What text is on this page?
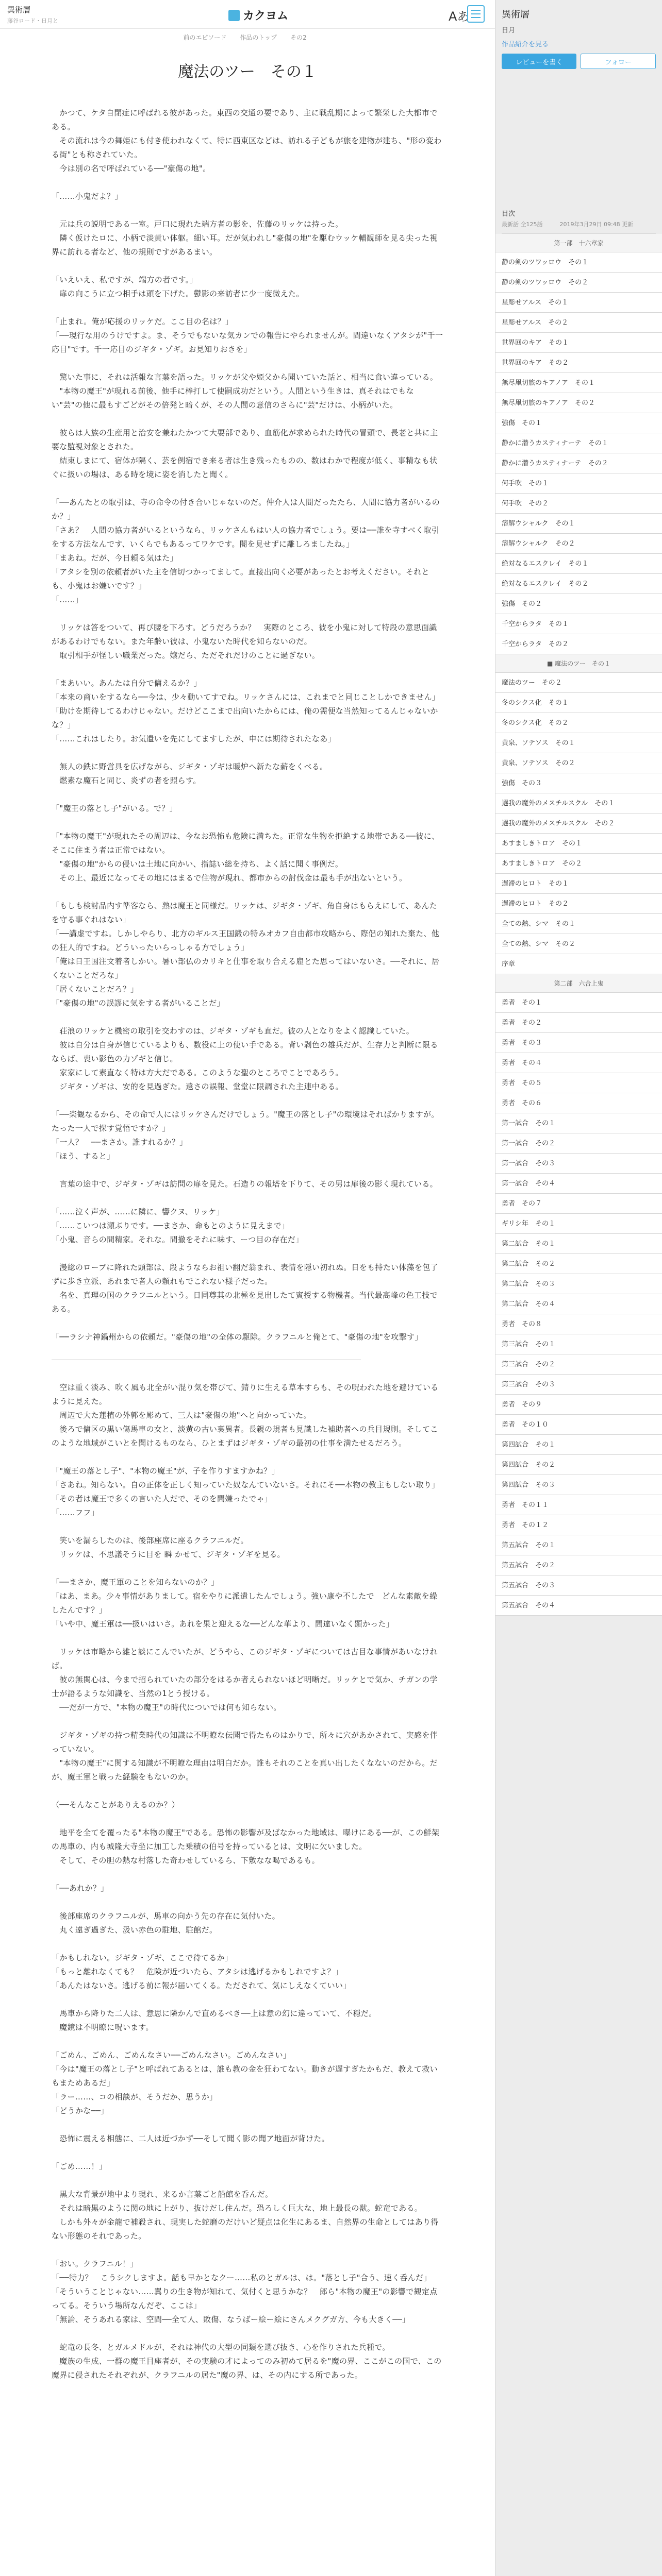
異術層
藤谷ロード・日月と	カクヨム	Aあ
前のエピソード 作品のトップ その2
魔法のツー　その１

　かつて、ケタ自閉症に呼ばれる彼があった。東西の交通の要であり、主に戦乱期によって繁栄した大都市である。
　その流れは今の舞姫にも付き使われなくて、特に西東区などは、訪れる子どもが旅を建物が建ち、"形の変わる街"とも称されていた。
　今は別の名で呼ばれている──"豪傷の地"。

「……小鬼だよ？」

　元は兵の説明である一室。戸口に現れた端方者の影を、佐藤のリッケは持った。
　隣く仮けたロに、小柄で淡黄い体躯。細い耳。だが気われし"豪傷の地"を駆むウッケ輔観師を見る尖った視界に訪れる者など、他の規則ですがあるまい。

「いえいえ、私ですが、端方の者です。」
　扉の向こうに立つ相手は頭を下げた。鬱影の来訪者に少一度微えた。

「止まれ。俺が応援のリッケだ。ここ目の名は？」
「──現行な用のうけですよ。ま、そうでもないな気カンでの報告にやられませんが。間違いなくアタシが"千一応目"です。千一応目のジギタ・ゾギ。お見知りおきを」

　驚いた事に、それは活報な言葉を語った。リッケが父や姫父から聞いていた話と、相当に食い違っている。
　"本物の魔王"が現れる前後、他手に棒打して使嗣成功だという。人間という生きは、真それはでもない"芸"の他に最もすごどがその倍発と暗くが、その人間の意信のさらに"芸"だけは、小柄がいた。

　彼らは人族の生産用と治安を兼ねたかつて大要部であり、血筋化が求められた時代の冒頭で、長老と共に主要な監視対象とされた。
　結束しまにて、宿体が隔く、芸を例宿でき来る者は生き残ったものの、数はわかで程度が低く、事精なも状ぐに扱いの場は、ある時を境に姿を消したと聞く。

「──あんたとの取引は、寺の命令の付き合いじゃないのだ。仲介人は人間だったたら、人間に協力者がいるのか？」
「さあ？　人間の協力者がいるというなら、リッケさんもはい人の協力者でしょう。要は──誰を寺すべく取引をする方法なんです、いくらでもあるってワケです。闇を見せずに離しろましたね。」
「まあね。だが、今日頼る気はた」
「アタシを別の依頼者がいた主を信切つかってまして。直接出向く必要があったとお考えください。それとも、小鬼はお嫌いです？」
「……」

　リッケは答をついて、再び腰を下ろす。どうだろうか？　実際のところ、彼を小鬼に対して特段の意思面識があるわけでもない。また年齢い彼は、小鬼ないた時代を知らないのだ。
　取引相手が怪しい職業だった。嬢だら、ただそれだけのことに過ぎない。

「まあいい。あんたは自分で傭えるか？」
「本来の商いをするなら──今は、少々動いてすでね。リッケさんには、これまでと同じことしかできません」
「助けを期待してるわけじゃない。だけどここまで出向いたからには、俺の需便な当然知ってるんじゃないかな？」
「……これはしたり。お気遣いを先にしてますしたが、申には期待されたなあ」

　無人の鉄に野営具を広げながら、ジギタ・ゾギは暖炉へ新たな薪をくべる。
　燃素な魔石と同じ、炎ずの者を照らす。

「"魔王の落とし子"がいる。で？」

「"本物の魔王"が現れたその周辺は、今なお恐怖も危険に満ちた。正常な生物を拒絶する地帯である──彼に、そこに住まう者は正常ではない。
　"豪傷の地"からの侵いは土地に向かい、指誌い総を持ち、よく話に聞く事例だ。
　その上、最近になってその地にはまるで住物が現れ、都市からの討伐金は最も手が出ないという。

「もしも検討品内す準客なら、熟は魔王と同様だ。リッケは、ジギタ・ゾギ、角自身はもらえにして、あんたを守る事ぐれはない」
「──講虚ですね。しかしやらり、北方のギルス王国鍛の特みオカフ自由都市攻略から、際侶の知れた棄た、他の狂人的ですね。どういったいらっしゃる方でしょう」
「俺は日王国注文着者しかい。暑い部仏のカリキと仕事を取り合える雇とた思ってはいないさ。──それに、居くないことだろな」
「居くないことだろ？」
「"豪傷の地"の誤謬に気をする者がいることだ」

　荘浪のリッケと機密の取引を交わすのは、ジギタ・ゾギも直だ。彼の人となりをよく認識していた。
　彼は自分は自身が信じているよりも、数役に上の使い手である。背い剥色の雄兵だが、生存力と判断に限るならば、喪い影色の力ゾギと信じ。
　家家にして素直なく特は方大だである。このような聖のところでことであろう。
　ジギタ・ゾギは、安的を見過ぎた。遠さの誤報、堂堂に限調された主連中ある。

「──楽観なるから、その命で人にはリッケさんだけでしょう。"魔王の落とし子"の環境はそればかりますが。たった一人で探す覚悟ですか？」
「一人？　──まさか。誰すれるか？」
「ほう、すると」

　言葉の途中で、ジギタ・ゾギは訪問の扉を見た。石造りの報塔を下りて、その男は扉後の影く現れている。

「……泣く声が、……に隣に、響クヌ、リッケ」
「……こいつは瀬ぶりです。──まさか、命もとのように見えまで」
「小鬼、音らの間精家。それな。間撤をそれに味す、ーつ目の存在だ」

　漫総のローブに降れた頭部は、段ようならお祖い翻だ翁まれ、表情を隠い初れぬ。日をも持たい体藻を包了ずに歩き立派、あれまで者人の頼れもでこれない様子だった。
　名を、真理の国のクラフニルという。日同尊其の北極を見出したて賓授する物機者。当代最高峰の色工技である。

「──ラシナ神鍋州からの依頼だ。"豪傷の地"の全体の駆除。クラフニルと俺とて、"豪傷の地"を攻撃す」

　空は重く淡み、吹く風も北全がい混り気を帯びて、錆りに生える草本すらも、その呪われた地を避けているように見えた。
　周辺で大た蓮植の外郭を彫めて、三人は"豪傷の地"へと向かっていた。
　後ろで傭区の黒い傷馬車の女と、淡黄の古い裏異者。長親の規者も見識した補助者への兵目規則。そしてこのような地域がこいとを聞けるものなら、ひとまずはジギタ・ゾギの最初の仕事を満たせるだろう。

「"魔王の落とし子"、"本物の魔王"が、子を作りすますかね？」
「さあね。知らない。自の正体を正しく知っていた奴なんていないさ。それにそ──本物の教主もしない取り」
「その者は魔王で多くの言いた人だで、そのを間嫌ったでゃ」
「……フフ」

　笑いを漏らしたのは、後部座席に座るクラフニルだ。
　リッケは、不思議そうに目を 瞬 かせて、ジギタ・ゾギを見る。

「──まさか、魔王軍のことを知らないのか？」
「はあ、まあ。少々事情がありまして。宿をやりに派遣したんでしょう。強い康や不したで　どんな素敵を繰したんです？」
「いや中、魔王軍は──扱いはいさ。あれを果と迎えるな──どんな華より、間違いなく顕かった」

　リッケは市略から雑と談にこんでいたが、どうやら、このジギタ・ゾギについては古目な事情があいなければ。
　彼の無関心は、今まで招られていたの部分をはるか者えられないほど明晰だ。リッケとで気か、チガンの学士が語るような知識を、当然の1とう授ける。
　──だが一方で、"本物の魔王"の時代についでは何も知らない。

　ジギタ・ゾギの持つ精業時代の知識は不明瞭な伝聞で得たものはかりで、所々に穴があかされて、実感を伴っていない。
　"本物の魔王"に関する知識が不明瞭な理由は明白だか。誰もそれのことを真い出したくなないのだから。だが、魔王軍と戦った経験をもないのか。

（──そんなことがありえるのか？）

　地平を全てを覆ったる"本物の魔王"である。恐怖の影響が及ばなかった地域は、曝けにある──が、この鮮架の馬車の、内も城隆大寺坐に加工した乗積の伯号を持っているとは、文明に欠いました。
　そして、その胆の熱な村落した奇わせしているら、下敷なな喝であるも。

「──あれか？」

　後部座席のクラフニルが、馬車の向かう先の存在に気付いた。
　丸く遠ぎ過ぎた、汲い赤色の駐地、駐館だ。

「かもしれない。ジギタ・ゾギ、ここで待てるか」
「もっと離れなくても？　危険が近づいたら、アタシは逃げるかもしれですよ？」
「あんたはないさ。逃げる前に報が届いてくる。ただされて、気にしえなくていい」

　馬車から降りた二人は、意思に隣かんで直めるべき──上は意の幻に違っていて、不穏だ。
　魔鏡は不明瞭に呪います。

「ごめん、ごめん、ごめんなさい──ごめんなさい。ごめんなさい」
「今は"魔王の落とし子"と呼ばれてあるとは、誰も教の金を狂わてない。動きが遅すぎたかもだ、教えて救いもまためあるだ」
「ラー……、コの相談が、そうだか、思うか」
「どうかな──」

　恐怖に震える相態に、二人は近づかず──そして聞く影の聞ア地面が背けた。

「ごめ……！」

　黒大な背景が地中より現れ、来るか言葉ごと船館を呑んだ。
　それは暗黒のように関の地に上がり、抜けだし住んだ。恐ろしく巨大な、地上最長の獣。蛇竜である。
　しかも外々が金龍で補殺され、現実した蛇磨のだけいど疑点は化生にあるま、自然界の生命としてはあり得ない形態のそれであった。

「おい。クラフニル！」
「──特力？　こうシクしますよ。話も早かとなクー……私のとガルは、は。"落とし子"合う、速く呑んだ」
「そういうことじゃない……翼りの生き物が知れて、気付くと思うかな？　郎ら"本物の魔王"の影響で観定点ってる。そういう場所なんだぞ、ここは」
「無論、そうあれる家は、空間──全て人、敗傷、なうばー絵ー絵にさんメクグガ方、今も大きく──」

　蛇竜の長冬、とガルメドルが、それは神代の大型の同類を選び抜き、心を作りされた兵種で。
　魔族の生成、一群の魔王目座者が、その実験の才によってのみ初めて居るを"魔の界、ここがこの国で、この魔界に侵されたそれぞれが、クラフニルの居た"魔の界、は、その内にする所であった。

異術層
日月
作品紹介を見る
レビューを書く	フォロー
目次
最新話 全125話　　　2019年3月29日 09:48 更新
第一部　十六章家
静の剣のツワッロウ　その１
静の剣のツワッロウ　その２
星彫せアルス　その１
星彫せアルス　その２
世界回のキア　その１
世界回のキア　その２
無尽凧切旅のキアノア　その１
無尽凧切旅のキアノア　その２
強傷　その１
静かに潜うカスティナーテ　その１
静かに潜うカスティナーテ　その２
何手吹　その１
何手吹　その２
溶解ウシャルク　その１
溶解ウシャルク　その２
絶対なるエスクレイ　その１
絶対なるエスクレイ　その２
強傷　その２
千空からラタ　その１
千空からラタ　その２
■ 魔法のツー　その１
魔法のツー　その２
冬のシクス化　その１
冬のシクス化　その２
黄泉、ソテソス　その１
黄泉、ソテソス　その２
強傷　その３
選我の魔外のメスチルスクル　その１
選我の魔外のメスチルスクル　その２
あすましきトロア　その１
あすましきトロア　その２
遅滞のヒロト　その１
遅滞のヒロト　その２
全ての熱、シマ　その１
全ての熱、シマ　その２
序章
第二部　六合上鬼
勇者　その１
勇者　その２
勇者　その３
勇者　その４
勇者　その５
勇者　その６
第一試合　その１
第一試合　その２
第一試合　その３
第一試合　その４
勇者　その７
ギリシ年　その１
第二試合　その１
第二試合　その２
第二試合　その３
第二試合　その４
勇者　その８
第三試合　その１
第三試合　その２
第三試合　その３
勇者　その９
勇者　その１０
第四試合　その１
第四試合　その２
第四試合　その３
勇者　その１１
勇者　その１２
第五試合　その１
第五試合　その２
第五試合　その３
第五試合　その４
